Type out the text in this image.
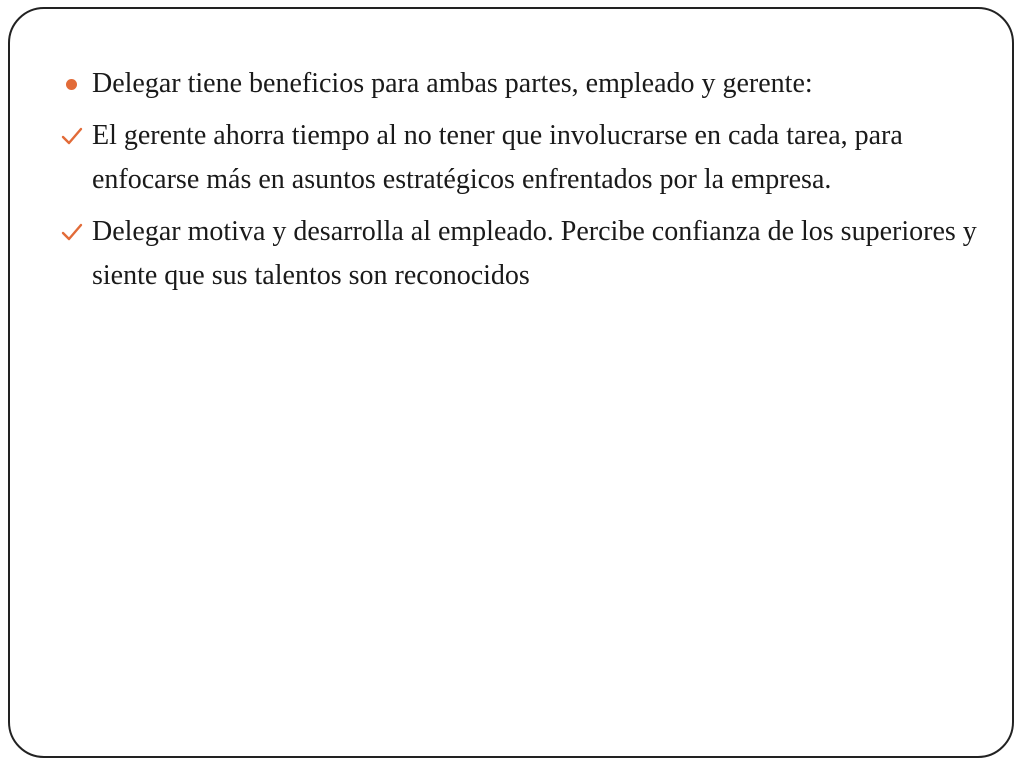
Delegar tiene beneficios para ambas partes, empleado y gerente:
El gerente ahorra tiempo al no tener que involucrarse en cada tarea, para enfocarse más en asuntos estratégicos enfrentados por la empresa.
Delegar motiva y desarrolla al empleado. Percibe confianza de los superiores y siente que sus talentos son reconocidos
